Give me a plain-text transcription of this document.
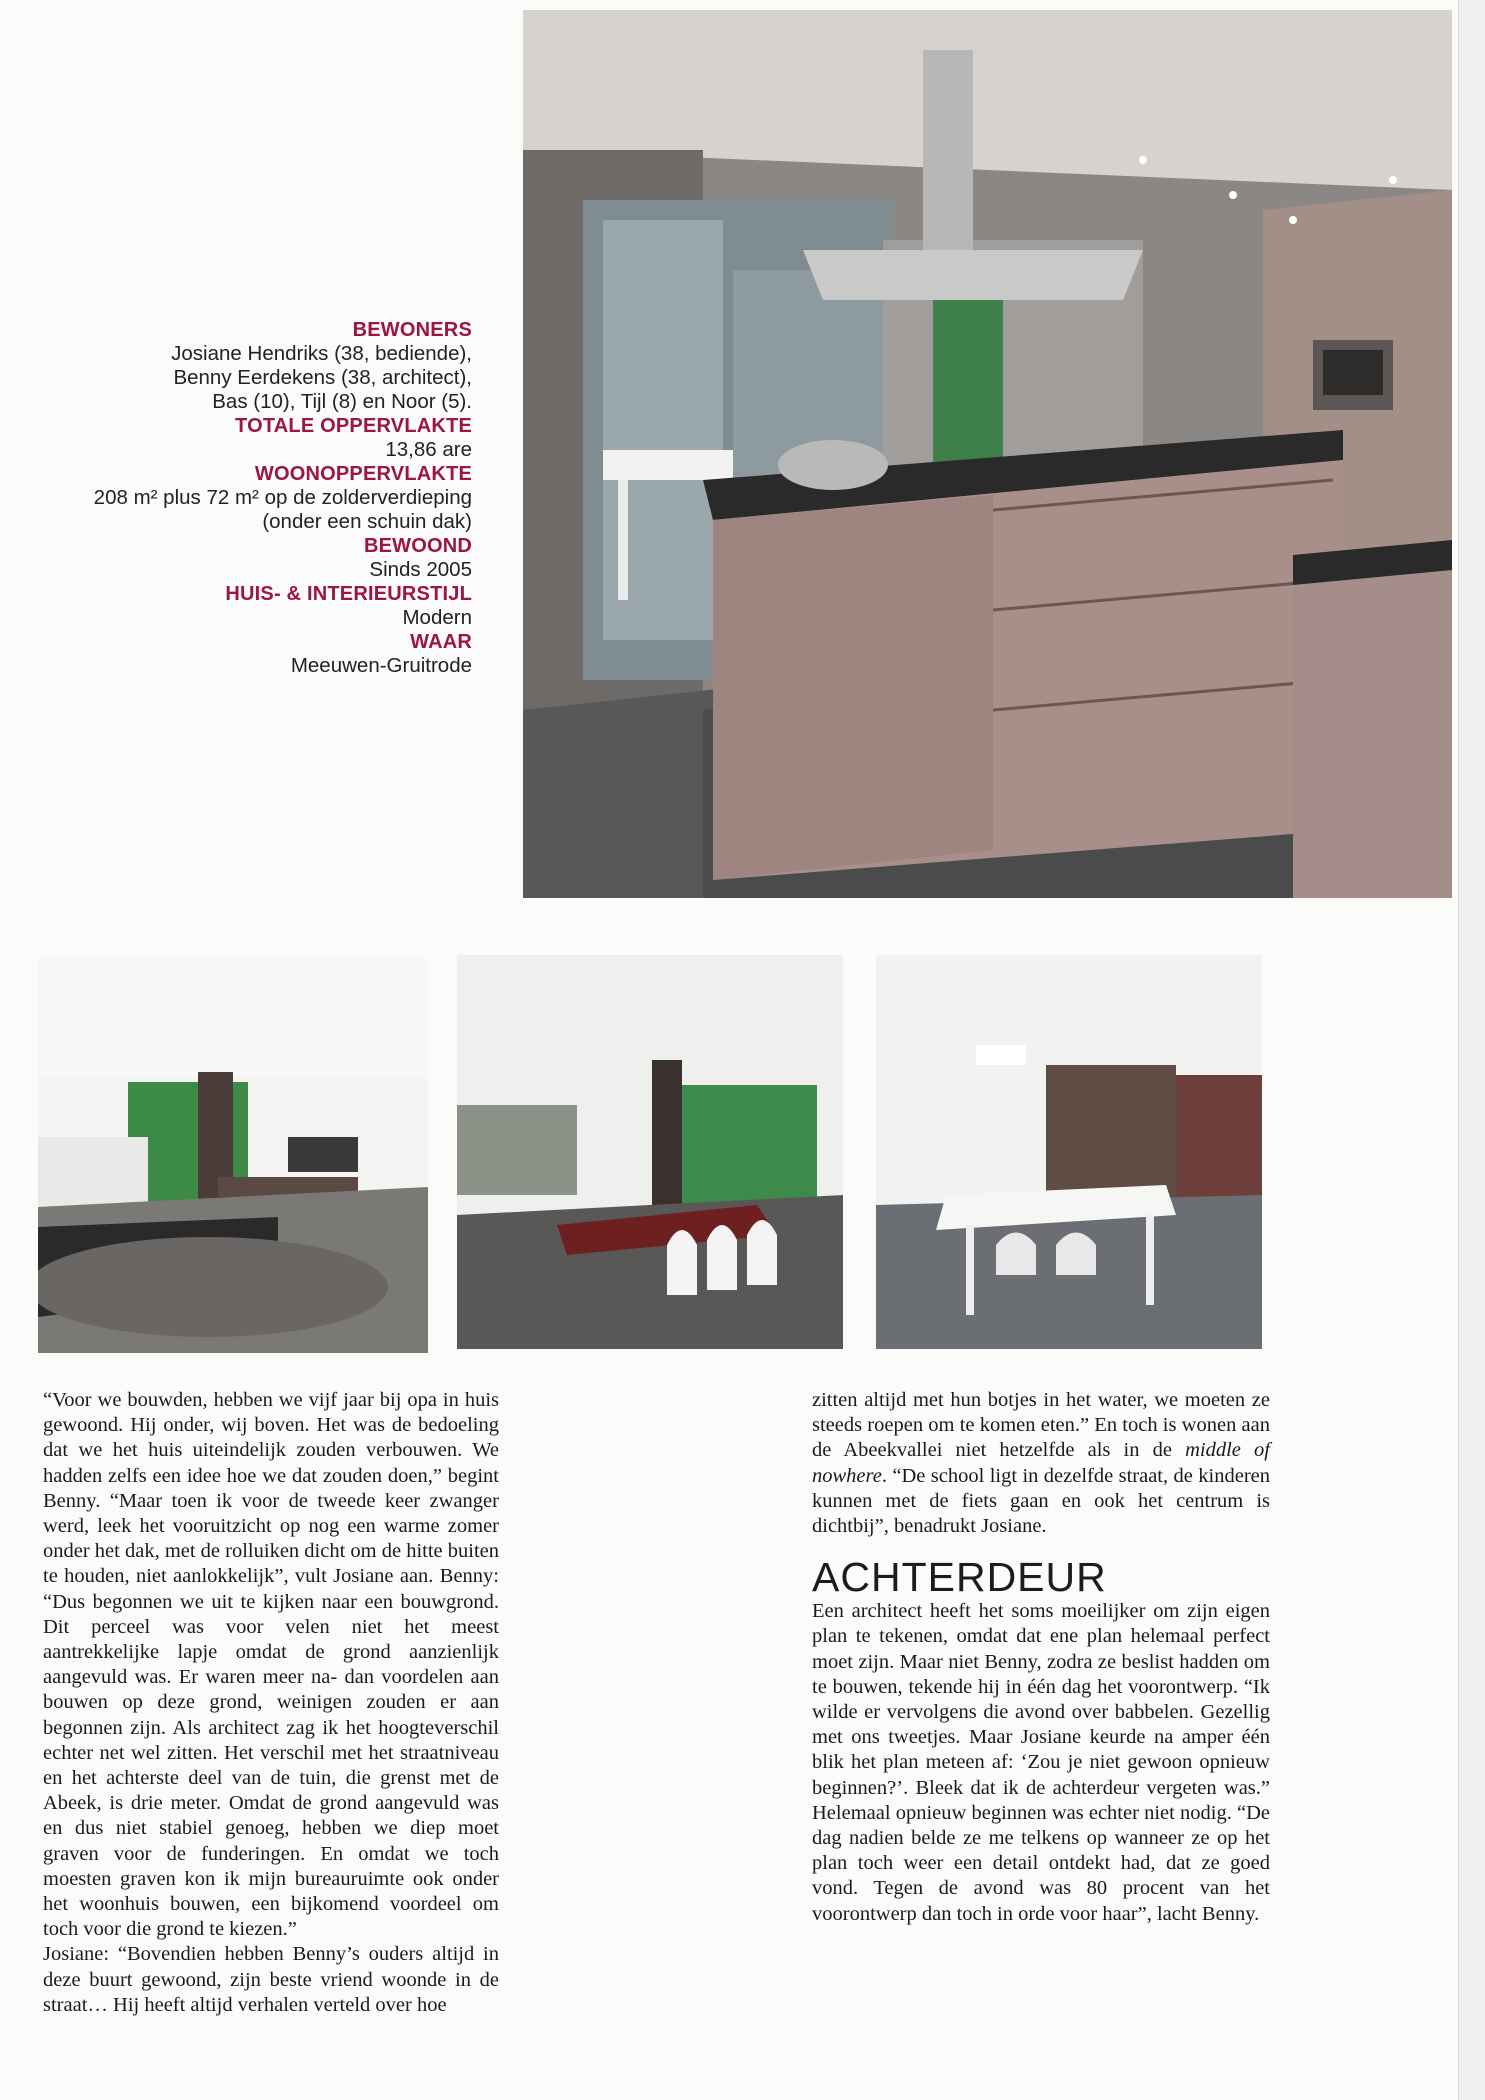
BEWONERS
Josiane Hendriks (38, bediende),
Benny Eerdekens (38, architect),
Bas (10), Tijl (8) en Noor (5).
TOTALE OPPERVLAKTE
13,86 are
WOONOPPERVLAKTE
208 m² plus 72 m² op de zolderverdieping
(onder een schuin dak)
BEWOOND
Sinds 2005
HUIS- & INTERIEURSTIJL
Modern
WAAR
Meeuwen-Gruitrode

“Voor we bouwden, hebben we vijf jaar bij opa in huis gewoond. Hij onder, wij boven. Het was de bedoeling dat we het huis uiteindelijk zouden verbouwen. We hadden zelfs een idee hoe we dat zouden doen,” begint Benny. “Maar toen ik voor de tweede keer zwanger werd, leek het vooruitzicht op nog een warme zomer onder het dak, met de rolluiken dicht om de hitte buiten te houden, niet aanlokkelijk”, vult Josiane aan. Benny: “Dus begonnen we uit te kijken naar een bouwgrond. Dit perceel was voor velen niet het meest aantrekkelijke lapje omdat de grond aanzienlijk aangevuld was. Er waren meer na- dan voordelen aan bouwen op deze grond, weinigen zouden er aan begonnen zijn. Als architect zag ik het hoogteverschil echter net wel zitten. Het verschil met het straatniveau en het achterste deel van de tuin, die grenst met de Abeek, is drie meter. Omdat de grond aangevuld was en dus niet stabiel genoeg, hebben we diep moet graven voor de funderingen. En omdat we toch moesten graven kon ik mijn bureauruimte ook onder het woonhuis bouwen, een bijkomend voordeel om toch voor die grond te kiezen.”

Josiane: “Bovendien hebben Benny’s ouders altijd in deze buurt gewoond, zijn beste vriend woonde in de straat… Hij heeft altijd verhalen verteld over hoe

zitten altijd met hun botjes in het water, we moeten ze steeds roepen om te komen eten.” En toch is wonen aan de Abeekvallei niet hetzelfde als in de middle of nowhere. “De school ligt in dezelfde straat, de kinderen kunnen met de fiets gaan en ook het centrum is dichtbij”, benadrukt Josiane.

ACHTERDEUR

Een architect heeft het soms moeilijker om zijn eigen plan te tekenen, omdat dat ene plan helemaal perfect moet zijn. Maar niet Benny, zodra ze beslist hadden om te bouwen, tekende hij in één dag het voorontwerp. “Ik wilde er vervolgens die avond over babbelen. Gezellig met ons tweetjes. Maar Josiane keurde na amper één blik het plan meteen af: ‘Zou je niet gewoon opnieuw beginnen?’. Bleek dat ik de achterdeur vergeten was.” Helemaal opnieuw beginnen was echter niet nodig. “De dag nadien belde ze me telkens op wanneer ze op het plan toch weer een detail ontdekt had, dat ze goed vond. Tegen de avond was 80 procent van het voorontwerp dan toch in orde voor haar”, lacht Benny.
